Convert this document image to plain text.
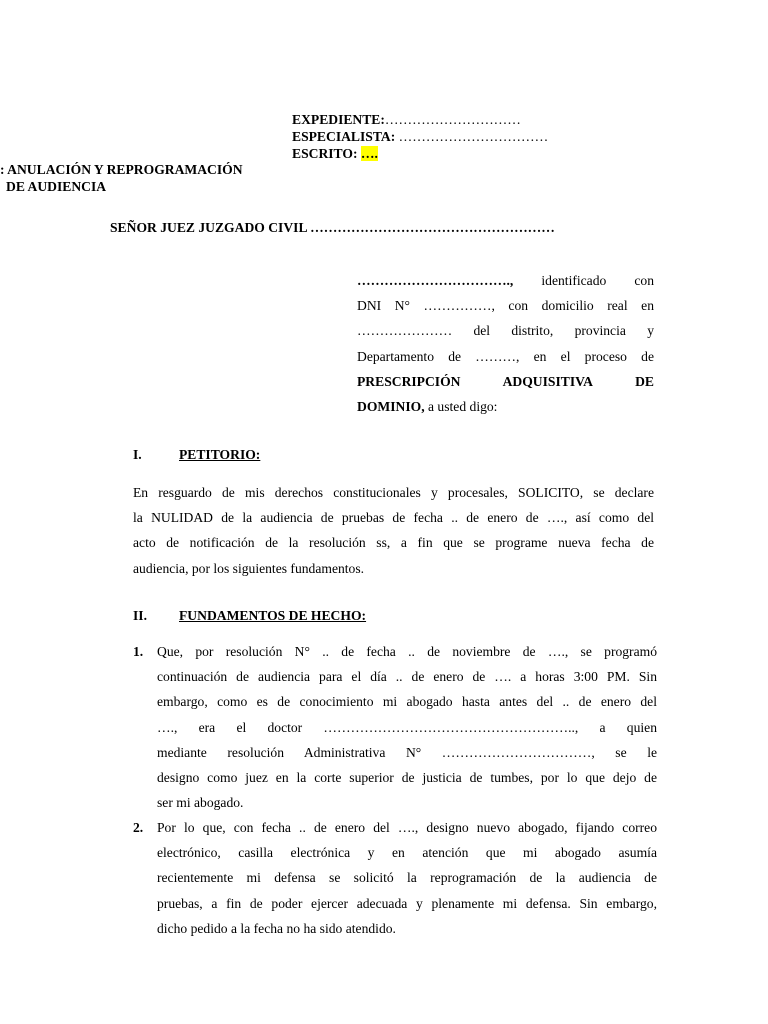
EXPEDIENTE:…………………………
ESPECIALISTA: ……………………………
ESCRITO: ….
: ANULACIÓN Y REPROGRAMACIÓN
DE AUDIENCIA
SEÑOR JUEZ JUZGADO CIVIL ………………………………………………
……………………………., identificado con
DNI N° ……………, con domicilio real en
………………… del distrito, provincia y
Departamento de ………, en el proceso de
PRESCRIPCIÓN ADQUISITIVA DE
DOMINIO, a usted digo:
I.	PETITORIO:
En resguardo de mis derechos constitucionales y procesales, SOLICITO, se declare
la NULIDAD de la audiencia de pruebas de fecha .. de enero de …., así como del
acto de notificación de la resolución ss, a fin que se programe nueva fecha de
audiencia, por los siguientes fundamentos.
II. FUNDAMENTOS DE HECHO:
1. Que, por resolución N° .. de fecha .. de noviembre de …., se programó
continuación de audiencia para el día .. de enero de …. a horas 3:00 PM. Sin
embargo, como es de conocimiento mi abogado hasta antes del .. de enero del
…., era el doctor ……………………………………………….., a quien
mediante resolución Administrativa N° ……………………………, se le
designo como juez en la corte superior de justicia de tumbes, por lo que dejo de
ser mi abogado.
2. Por lo que, con fecha .. de enero del …., designo nuevo abogado, fijando correo
electrónico, casilla electrónica y en atención que mi abogado asumía
recientemente mi defensa se solicitó la reprogramación de la audiencia de
pruebas, a fin de poder ejercer adecuada y plenamente mi defensa. Sin embargo,
dicho pedido a la fecha no ha sido atendido.
